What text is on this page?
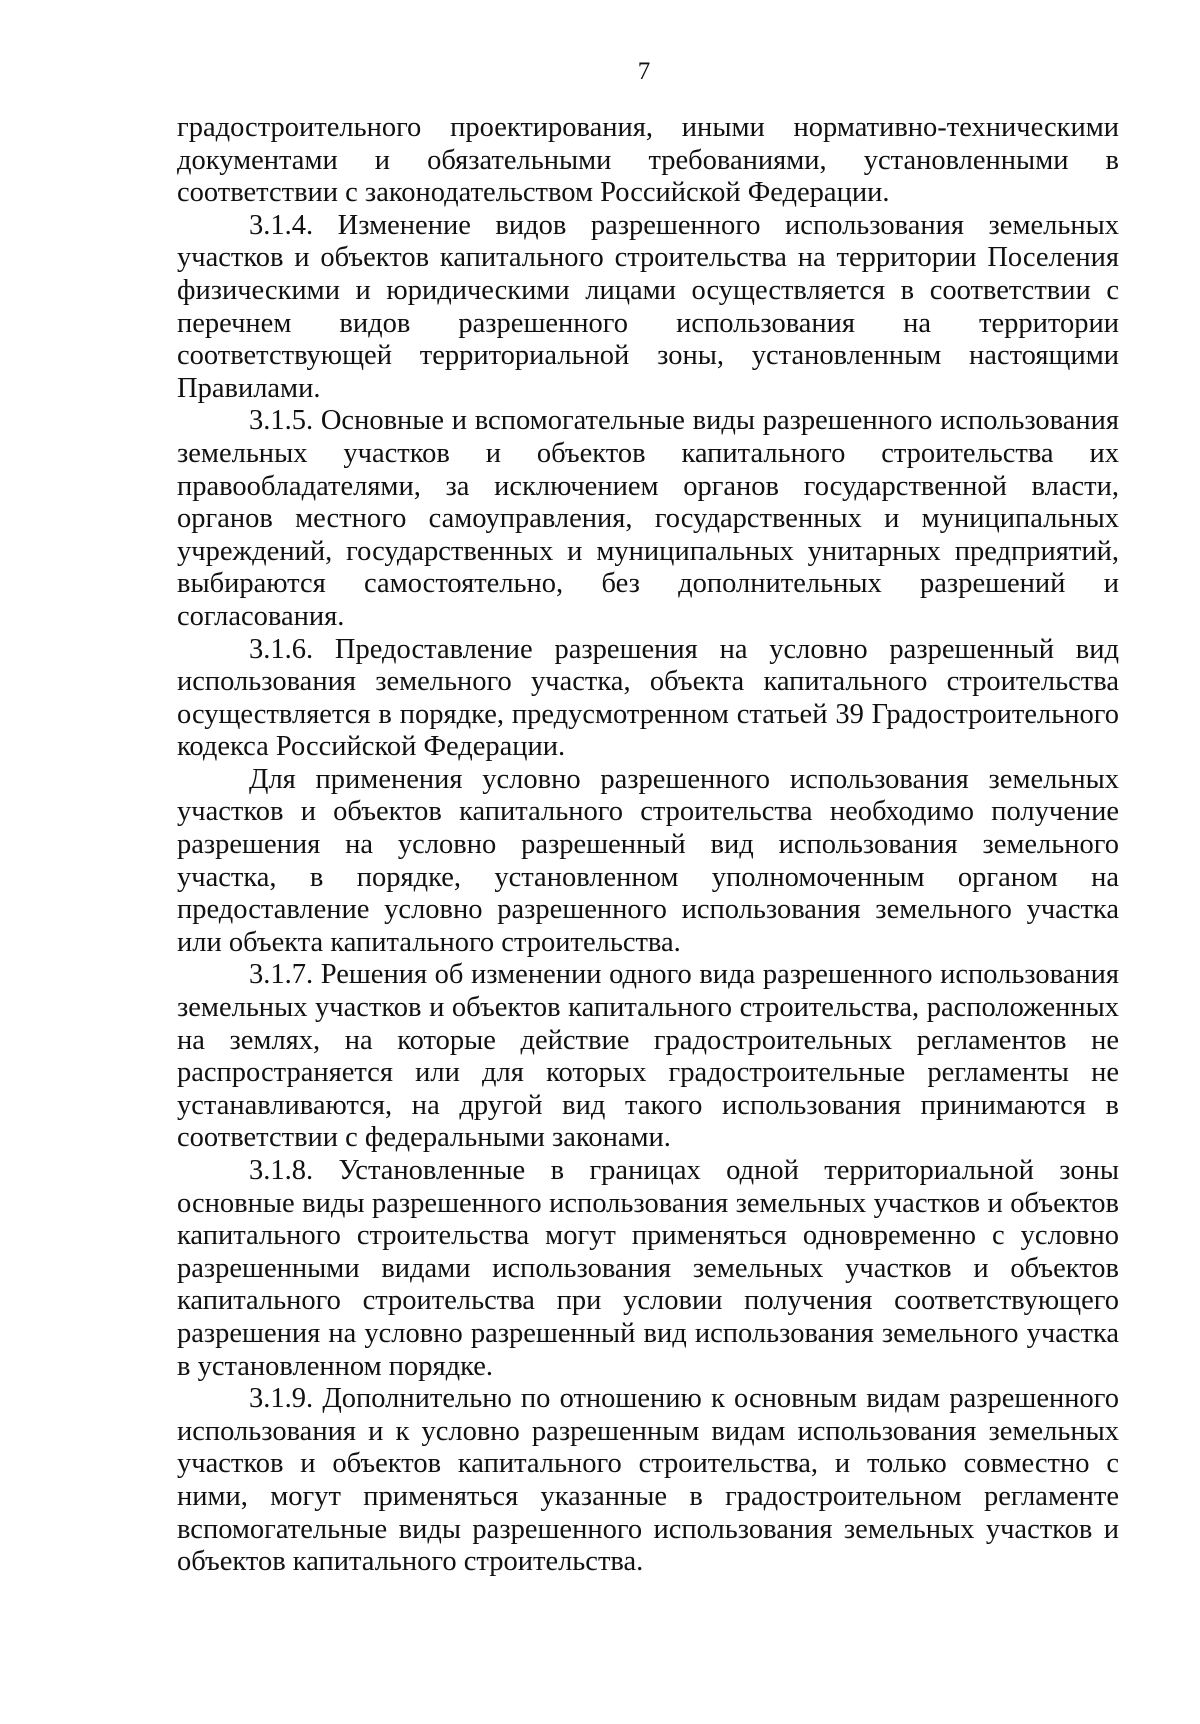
7

градостроительного проектирования, иными нормативно-техническими документами и обязательными требованиями, установленными в соответствии с законодательством Российской Федерации.

3.1.4. Изменение видов разрешенного использования земельных участков и объектов капитального строительства на территории Поселения физическими и юридическими лицами осуществляется в соответствии с перечнем видов разрешенного использования на территории соответствующей территориальной зоны, установленным настоящими Правилами.

3.1.5. Основные и вспомогательные виды разрешенного использования земельных участков и объектов капитального строительства их правообладателями, за исключением органов государственной власти, органов местного самоуправления, государственных и муниципальных учреждений, государственных и муниципальных унитарных предприятий, выбираются самостоятельно, без дополнительных разрешений и согласования.

3.1.6. Предоставление разрешения на условно разрешенный вид использования земельного участка, объекта капитального строительства осуществляется в порядке, предусмотренном статьей 39 Градостроительного кодекса Российской Федерации.

Для применения условно разрешенного использования земельных участков и объектов капитального строительства необходимо получение разрешения на условно разрешенный вид использования земельного участка, в порядке, установленном уполномоченным органом на предоставление условно разрешенного использования земельного участка или объекта капитального строительства.

3.1.7. Решения об изменении одного вида разрешенного использования земельных участков и объектов капитального строительства, расположенных на землях, на которые действие градостроительных регламентов не распространяется или для которых градостроительные регламенты не устанавливаются, на другой вид такого использования принимаются в соответствии с федеральными законами.

3.1.8. Установленные в границах одной территориальной зоны основные виды разрешенного использования земельных участков и объектов капитального строительства могут применяться одновременно с условно разрешенными видами использования земельных участков и объектов капитального строительства при условии получения соответствующего разрешения на условно разрешенный вид использования земельного участка в установленном порядке.

3.1.9. Дополнительно по отношению к основным видам разрешенного использования и к условно разрешенным видам использования земельных участков и объектов капитального строительства, и только совместно с ними, могут применяться указанные в градостроительном регламенте вспомогательные виды разрешенного использования земельных участков и объектов капитального строительства.
